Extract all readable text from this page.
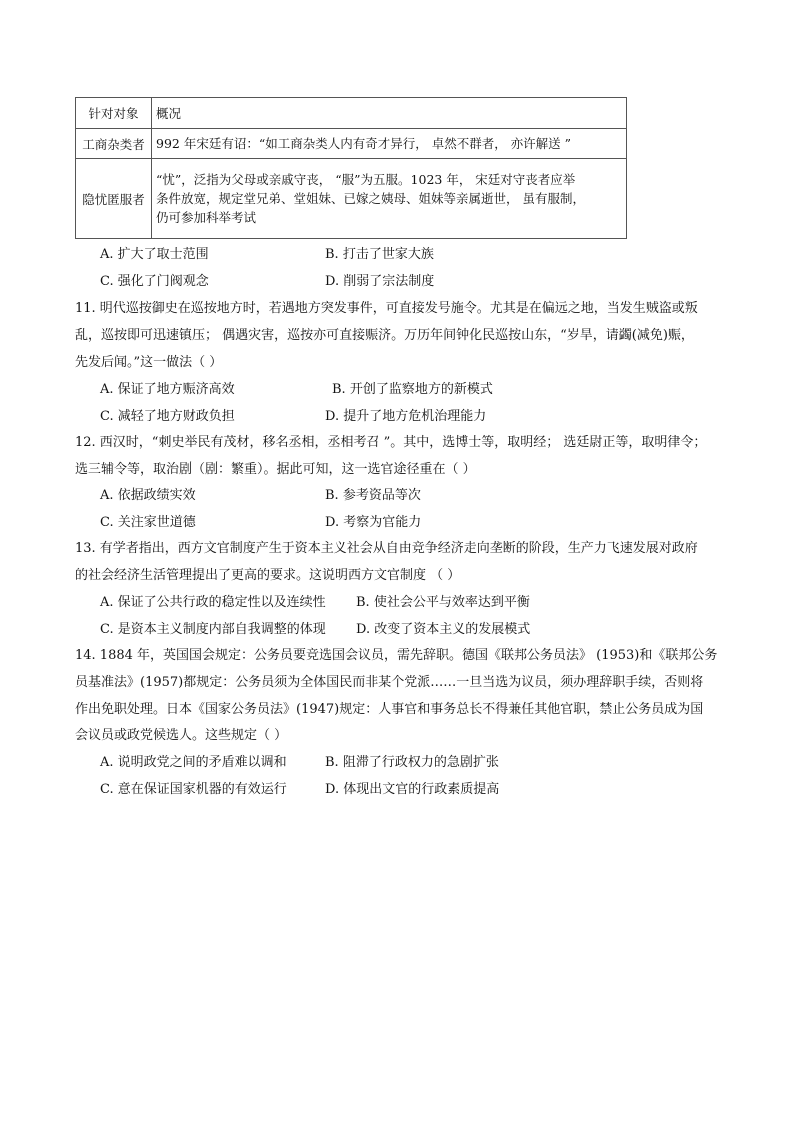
针对对象	概况
工商杂类者	992 年宋廷有诏：“如工商杂类人内有奇才异行， 卓然不群者， 亦许解送 ”

隐忧匿服者	“忧”，泛指为父母或亲戚守丧， “服”为五服。1023 年， 宋廷对守丧者应举
条件放宽，规定堂兄弟、堂姐妹、已嫁之姨母、姐妹等亲属逝世， 虽有服制，
仍可参加科举考试
A. 扩大了取士范围	B. 打击了世家大族
C. 强化了门阀观念	D. 削弱了宗法制度
11. 明代巡按御史在巡按地方时，若遇地方突发事件，可直接发号施令。尤其是在偏远之地，当发生贼盗或叛
乱，巡按即可迅速镇压； 偶遇灾害，巡按亦可直接赈济。万历年间钟化民巡按山东，“岁旱，请蠲(减免)赈，
先发后闻。”这一做法（ ）
A. 保证了地方赈济高效	B. 开创了监察地方的新模式
C. 减轻了地方财政负担	D. 提升了地方危机治理能力
12. 西汉时，“刺史举民有茂材，移名丞相，丞相考召 ”。其中，选博士等，取明经； 选廷尉正等，取明律令；
选三辅令等，取治剧（剧：繁重）。据此可知，这一选官途径重在（ ）
A. 依据政绩实效	B. 参考资品等次
C. 关注家世道德	D. 考察为官能力
13. 有学者指出，西方文官制度产生于资本主义社会从自由竞争经济走向垄断的阶段，生产力飞速发展对政府
的社会经济生活管理提出了更高的要求。这说明西方文官制度 （ ）
A. 保证了公共行政的稳定性以及连续性 B. 使社会公平与效率达到平衡
C. 是资本主义制度内部自我调整的体现 D. 改变了资本主义的发展模式
14. 1884 年，英国国会规定：公务员要竞选国会议员，需先辞职。德国《联邦公务员法》 (1953)和《联邦公务
员基准法》(1957)都规定：公务员须为全体国民而非某个党派……一旦当选为议员，须办理辞职手续，否则将
作出免职处理。日本《国家公务员法》(1947)规定：人事官和事务总长不得兼任其他官职，禁止公务员成为国
会议员或政党候选人。这些规定（ ）
A. 说明政党之间的矛盾难以调和	B. 阻滞了行政权力的急剧扩张
C. 意在保证国家机器的有效运行	D. 体现出文官的行政素质提高
